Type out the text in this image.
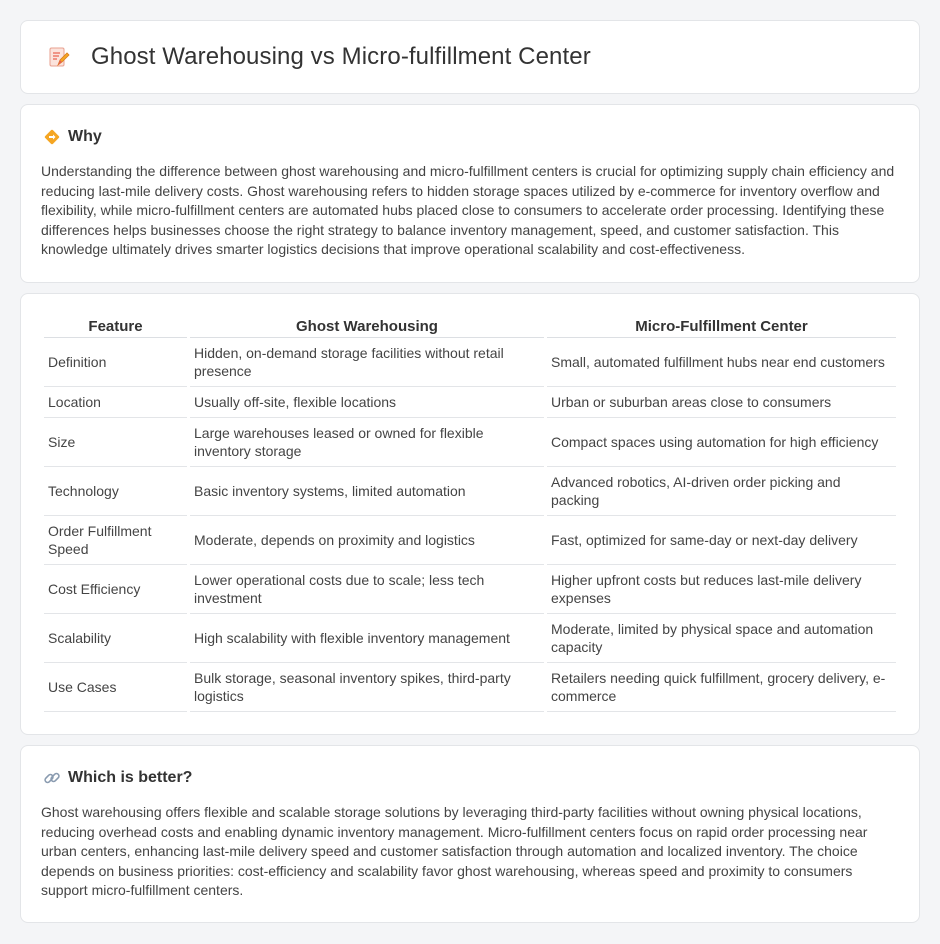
Ghost Warehousing vs Micro-fulfillment Center
Why

Understanding the difference between ghost warehousing and micro-fulfillment centers is crucial for optimizing supply chain efficiency and reducing last-mile delivery costs. Ghost warehousing refers to hidden storage spaces utilized by e-commerce for inventory overflow and flexibility, while micro-fulfillment centers are automated hubs placed close to consumers to accelerate order processing. Identifying these differences helps businesses choose the right strategy to balance inventory management, speed, and customer satisfaction. This knowledge ultimately drives smarter logistics decisions that improve operational scalability and cost-effectiveness.

Feature	Ghost Warehousing	Micro-Fulfillment Center
Definition	Hidden, on-demand storage facilities without retail presence	Small, automated fulfillment hubs near end customers
Location	Usually off-site, flexible locations	Urban or suburban areas close to consumers
Size	Large warehouses leased or owned for flexible inventory storage	Compact spaces using automation for high efficiency
Technology	Basic inventory systems, limited automation	Advanced robotics, AI-driven order picking and packing
Order Fulfillment Speed	Moderate, depends on proximity and logistics	Fast, optimized for same-day or next-day delivery
Cost Efficiency	Lower operational costs due to scale; less tech investment	Higher upfront costs but reduces last-mile delivery expenses
Scalability	High scalability with flexible inventory management	Moderate, limited by physical space and automation capacity
Use Cases	Bulk storage, seasonal inventory spikes, third-party logistics	Retailers needing quick fulfillment, grocery delivery, e-commerce
Which is better?

Ghost warehousing offers flexible and scalable storage solutions by leveraging third-party facilities without owning physical locations, reducing overhead costs and enabling dynamic inventory management. Micro-fulfillment centers focus on rapid order processing near urban centers, enhancing last-mile delivery speed and customer satisfaction through automation and localized inventory. The choice depends on business priorities: cost-efficiency and scalability favor ghost warehousing, whereas speed and proximity to consumers support micro-fulfillment centers.
